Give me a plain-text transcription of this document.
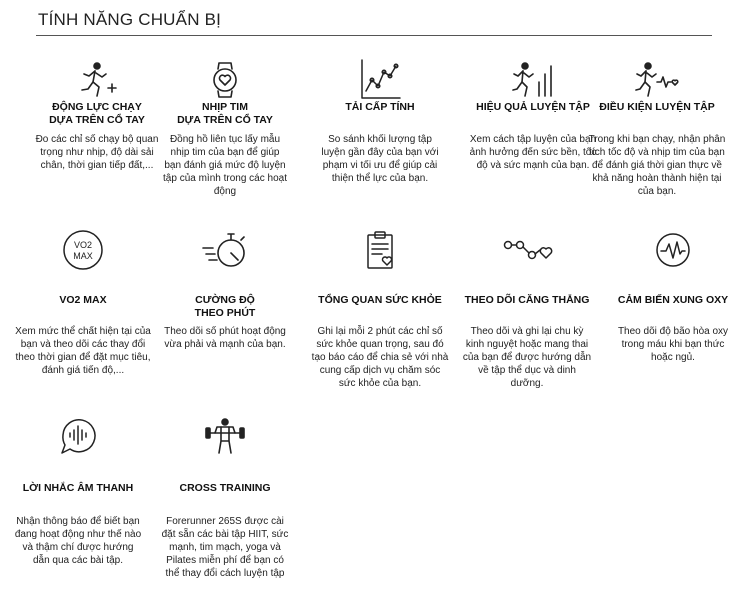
TÍNH NĂNG CHUẨN BỊ
ĐỘNG LỰC CHẠY
DỰA TRÊN CỔ TAY
Đo các chỉ số chạy bộ quan trọng như nhịp, độ dài sải chân, thời gian tiếp đất,...
NHỊP TIM
DỰA TRÊN CỔ TAY
Đồng hồ liên tục lấy mẫu nhịp tim của bạn để giúp bạn đánh giá mức độ luyện tập của mình trong các hoạt động
TẢI CẤP TÍNH
So sánh khối lượng tập luyện gần đây của bạn với phạm vi tối ưu để giúp cải thiện thể lực của bạn.
HIỆU QUẢ LUYỆN TẬP
Xem cách tập luyện của bạn ảnh hưởng đến sức bền, tốc độ và sức mạnh của bạn.
ĐIỀU KIỆN LUYỆN TẬP
Trong khi bạn chạy, nhận phân tích tốc độ và nhịp tim của bạn để đánh giá thời gian thực về khả năng hoàn thành hiện tại của bạn.
VO2
MAX
VO2 MAX
Xem mức thể chất hiện tại của bạn và theo dõi các thay đổi theo thời gian để đặt mục tiêu, đánh giá tiến độ,...
CƯỜNG ĐỘ
THEO PHÚT
Theo dõi số phút hoạt động vừa phải và mạnh của bạn.
TỔNG QUAN SỨC KHỎE
Ghi lại mỗi 2 phút các chỉ số sức khỏe quan trọng, sau đó tạo báo cáo để chia sẻ với nhà cung cấp dịch vụ chăm sóc sức khỏe của bạn.
THEO DÕI CĂNG THẲNG
Theo dõi và ghi lại chu kỳ kinh nguyệt hoặc mang thai của bạn để được hướng dẫn về tập thể dục và dinh dưỡng.
CẢM BIẾN XUNG OXY
Theo dõi độ bão hòa oxy trong máu khi bạn thức hoặc ngủ.
LỜI NHẮC ÂM THANH
Nhận thông báo để biết bạn đang hoạt động như thế nào và thậm chí được hướng dẫn qua các bài tập.
CROSS TRAINING
Forerunner 265S được cài đặt sẵn các bài tập HIIT, sức mạnh, tim mạch, yoga và Pilates miễn phí để bạn có thể thay đổi cách luyện tập
